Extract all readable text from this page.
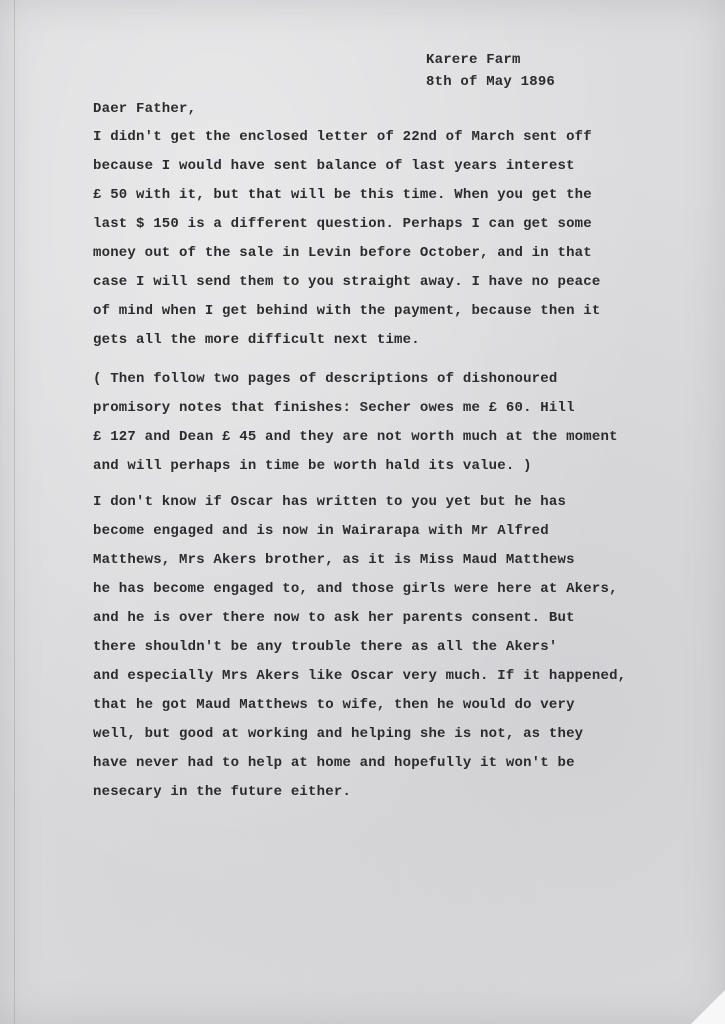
Karere Farm
8th of May 1896
Daer Father,
I didn't get the enclosed letter of 22nd of March sent off
because I would have sent balance of last years interest
£ 50 with it, but that will be this time. When you get the
last $ 150 is a different question. Perhaps I can get some
money out of the sale in Levin before October, and in that
case I will send them to you straight away. I have no peace
of mind when I get behind with the payment, because then it
gets all the more difficult next time.
( Then follow two pages of descriptions of dishonoured
promisory notes that finishes: Secher owes me £ 60. Hill
£ 127 and Dean £ 45 and they are not worth much at the moment
and will perhaps in time be worth hald its value. )
I don't know if Oscar has written to you yet but he has
become engaged and is now in Wairarapa with Mr Alfred
Matthews, Mrs Akers brother, as it is Miss Maud Matthews
he has become engaged to, and those girls were here at Akers,
and he is over there now to ask her parents consent. But
there shouldn't be any trouble there as all the Akers'
and especially Mrs Akers like Oscar very much. If it happened,
that he got Maud Matthews to wife, then he would do very
well, but good at working and helping she is not, as they
have never had to help at home and hopefully it won't be
nesecary in the future either.
